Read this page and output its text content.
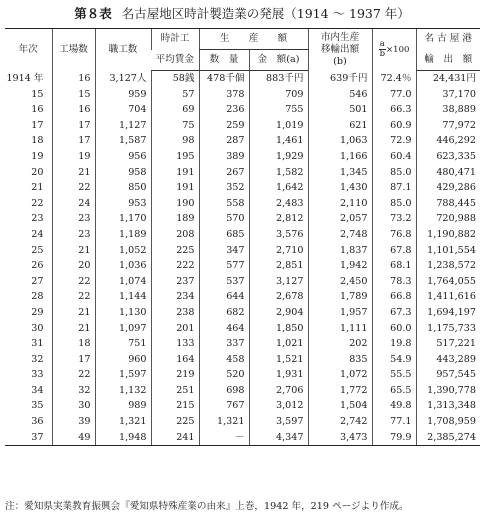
第８表 名古屋地区時計製造業の発展（1914 ～ 1937 年）
年次	工場数	職工数	時計工	生　　産　　額		市内生産
移輸出額
(b)	$\frac{a}{b} \times 100$	名 古 屋 港
			平均賃金	数　量	金　額(a)			輸　出　額
1914 年	16	3,127人	58銭	478千個	883千円	639千円	72.4％	24,431円
15	15	959	57	378	709	546	77.0	37,170
16	16	704	69	236	755	501	66.3	38,889
17	17	1,127	75	259	1,019	621	60.9	77,972
18	17	1,587	98	287	1,461	1,063	72.9	446,292
19	19	956	195	389	1,929	1,166	60.4	623,335
20	21	958	191	267	1,582	1,345	85.0	480,471
21	22	850	191	352	1,642	1,430	87.1	429,286
22	24	953	190	558	2,483	2,110	85.0	788,445
23	23	1,170	189	570	2,812	2,057	73.2	720,988
24	23	1,189	208	685	3,576	2,748	76.8	1,190,882
25	21	1,052	225	347	2,710	1,837	67.8	1,101,554
26	20	1,036	222	577	2,851	1,942	68.1	1,238,572
27	22	1,074	237	537	3,127	2,450	78.3	1,764,055
28	22	1,144	234	644	2,678	1,789	66.8	1,411,616
29	21	1,130	238	682	2,904	1,957	67.3	1,694,197
30	21	1,097	201	464	1,850	1,111	60.0	1,175,733
31	18	751	133	337	1,021	202	19.8	517,221
32	17	960	164	458	1,521	835	54.9	443,289
33	22	1,597	219	520	1,931	1,072	55.5	957,545
34	32	1,132	251	698	2,706	1,772	65.5	1,390,778
35	30	989	215	767	3,012	1,504	49.8	1,313,348
36	39	1,321	225	1,321	3,597	2,742	77.1	1,708,959
37	49	1,948	241	－	4,347	3,473	79.9	2,385,274
注：愛知県実業教育振興会『愛知県特殊産業の由来』上巻，1942 年，219 ページより作成。
